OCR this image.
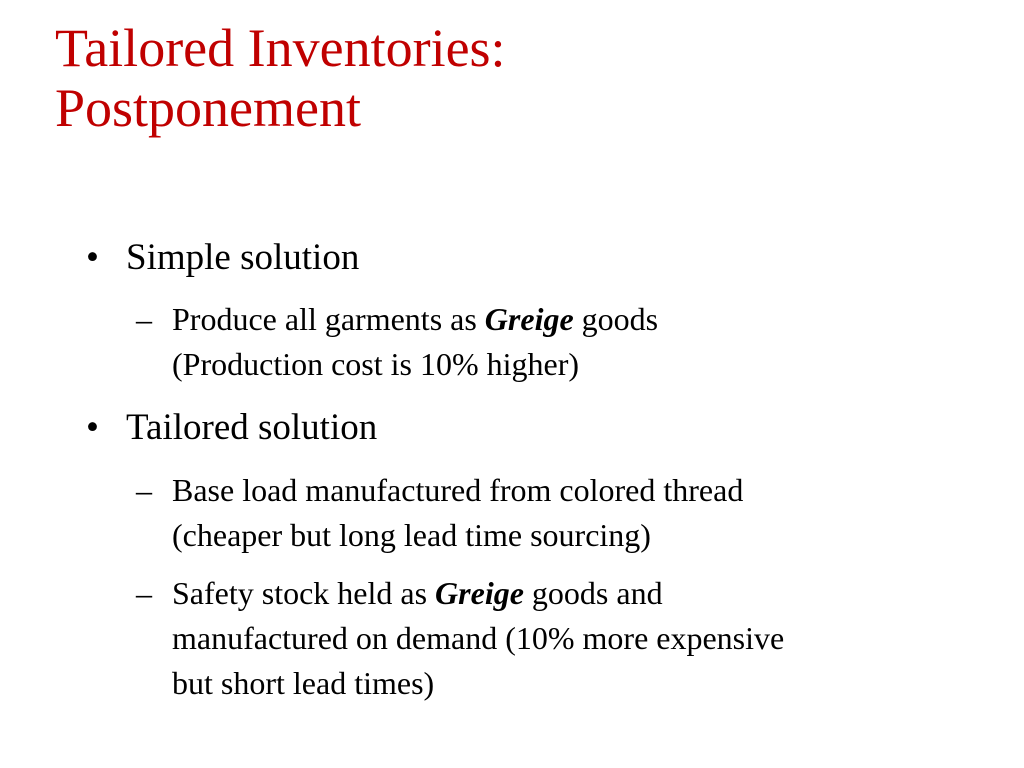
Tailored Inventories:
Postponement
• Simple solution
– Produce all garments as Greige goods
(Production cost is 10% higher)
• Tailored solution
– Base load manufactured from colored thread
(cheaper but long lead time sourcing)
– Safety stock held as Greige goods and
manufactured on demand (10% more expensive
but short lead times)
